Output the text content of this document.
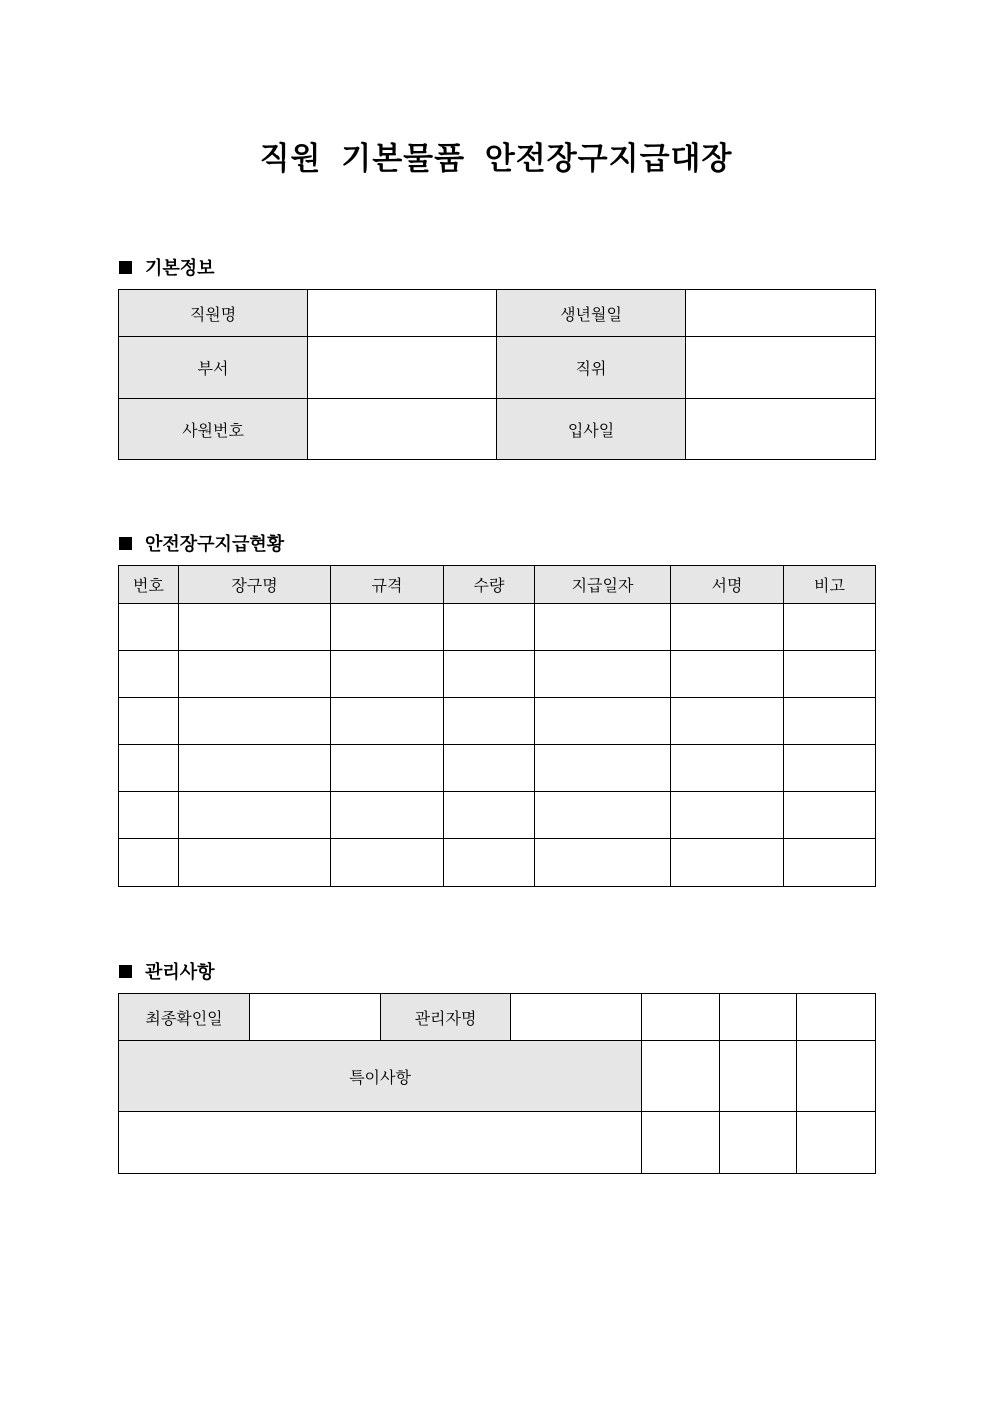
직원 기본물품 안전장구지급대장
기본정보
직원명		생년월일	
부서		직위	
사원번호		입사일	
안전장구지급현황
번호	장구명	규격	수량	지급일자	서명	비고

관리사항
최종확인일		관리자명				
특이사항						
